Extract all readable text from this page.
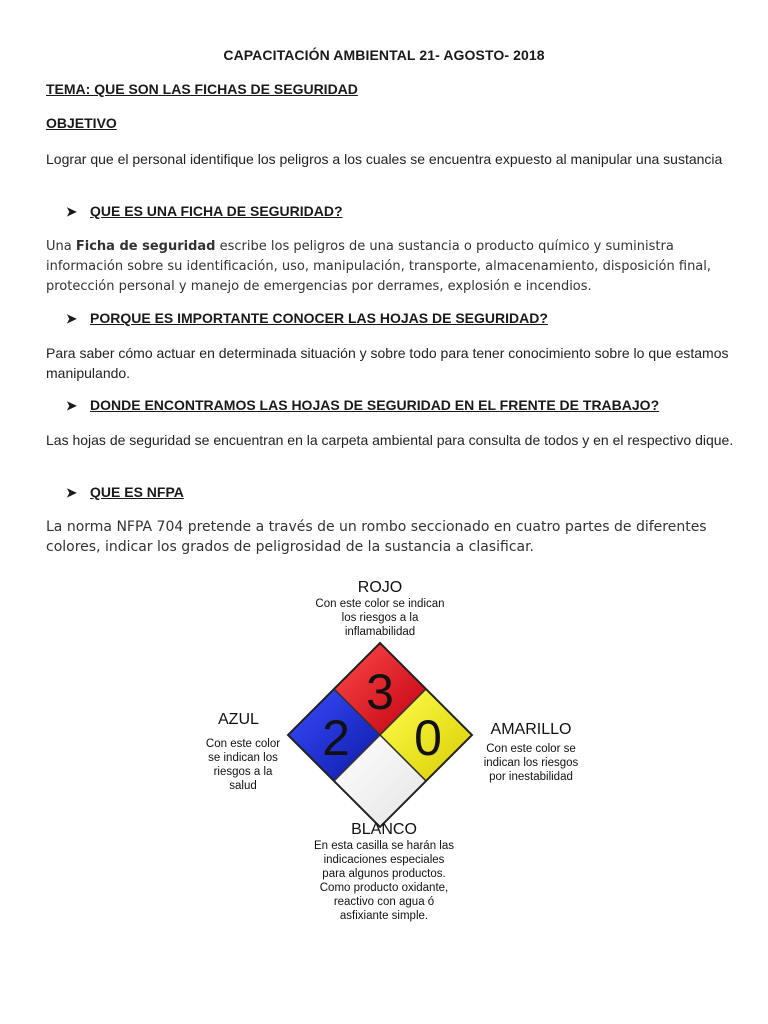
CAPACITACIÓN AMBIENTAL 21- AGOSTO- 2018
TEMA: QUE SON LAS FICHAS DE SEGURIDAD
OBJETIVO
Lograr que el personal identifique los peligros a los cuales se encuentra expuesto al manipular una sustancia
➤ QUE ES UNA FICHA DE SEGURIDAD?
Una Ficha de seguridad escribe los peligros de una sustancia o producto químico y suministra información sobre su identificación, uso, manipulación, transporte, almacenamiento, disposición final, protección personal y manejo de emergencias por derrames, explosión e incendios.
➤ PORQUE ES IMPORTANTE CONOCER LAS HOJAS DE SEGURIDAD?
Para saber cómo actuar en determinada situación y sobre todo para tener conocimiento sobre lo que estamos manipulando.
➤ DONDE ENCONTRAMOS LAS HOJAS DE SEGURIDAD EN EL FRENTE DE TRABAJO?
Las hojas de seguridad se encuentran en la carpeta ambiental para consulta de todos y en el respectivo dique.
➤ QUE ES NFPA
La norma NFPA 704 pretende a través de un rombo seccionado en cuatro partes de diferentes colores, indicar los grados de peligrosidad de la sustancia a clasificar.
3
2 0
ROJO
Con este color se indican
los riesgos a la
inflamabilidad
AZUL
Con este color
se indican los
riesgos a la
salud
AMARILLO
Con este color se
indican los riesgos
por inestabilidad
BLANCO
En esta casilla se harán las
indicaciones especiales
para algunos productos.
Como producto oxidante,
reactivo con agua ó
asfixiante simple.
